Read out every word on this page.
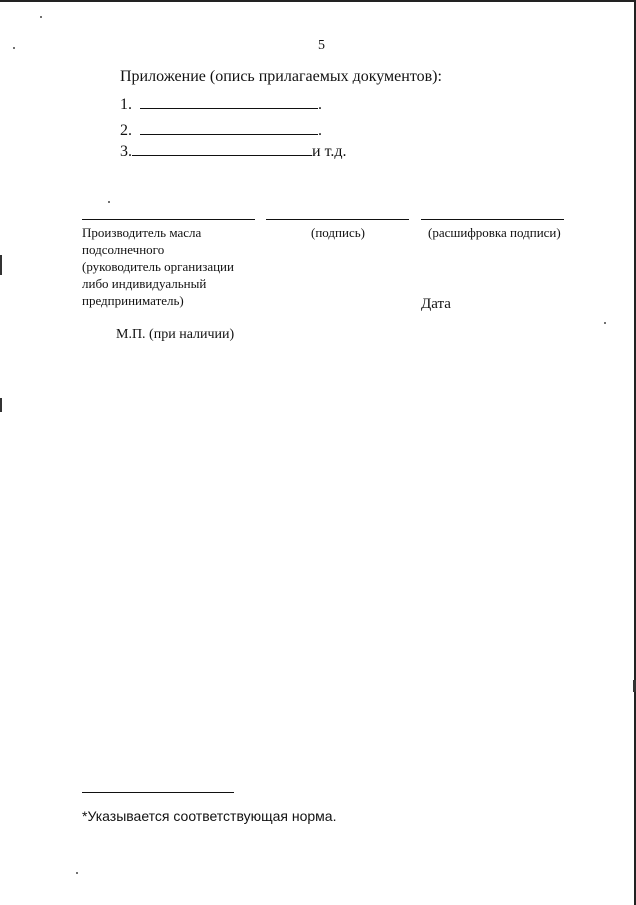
5
Приложение (опись прилагаемых документов):
1.	.
2.	.
3.	и т.д.
Производитель масла
подсолнечного
(руководитель организации
либо индивидуальный
предприниматель)
(подпись)	(расшифровка подписи)
Дата
М.П. (при наличии)
*Указывается соответствующая норма.
